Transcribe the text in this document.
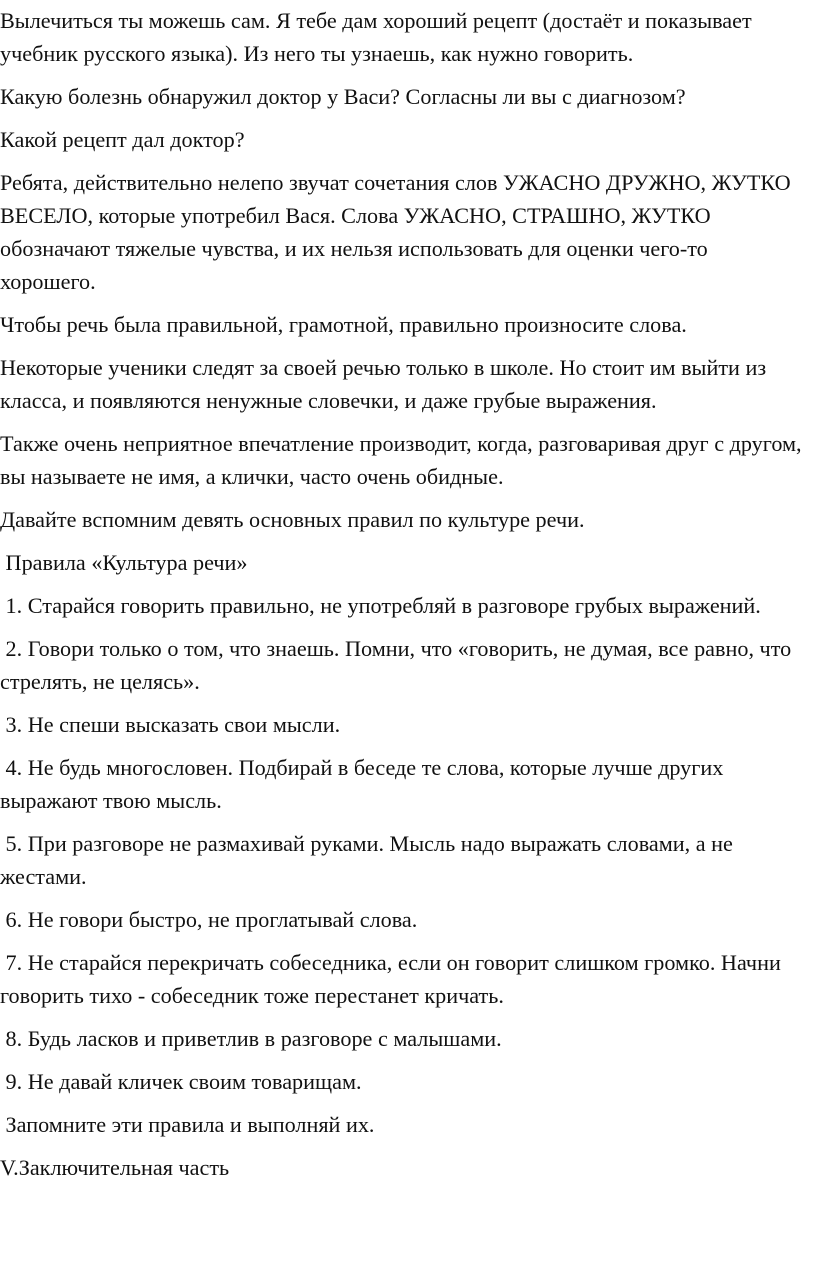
Вылечиться ты можешь сам. Я тебе дам хороший рецепт (достаёт и показывает учебник русского языка). Из него ты узнаешь, как нужно говорить.

Какую болезнь обнаружил доктор у Васи? Согласны ли вы с диагнозом?

Какой рецепт дал доктор?

Ребята, действительно нелепо звучат сочетания слов УЖАСНО ДРУЖНО, ЖУТКО ВЕСЕЛО, которые употребил Вася. Слова УЖАСНО, СТРАШНО, ЖУТКО обозначают тяжелые чувства, и их нельзя использовать для оценки чего-то хорошего.

Чтобы речь была правильной, грамотной, правильно произносите слова.

Некоторые ученики следят за своей речью только в школе. Но стоит им выйти из класса, и появляются ненужные словечки, и даже грубые выражения.

Также очень неприятное впечатление производит, когда, разговаривая друг с другом, вы называете не имя, а клички, часто очень обидные.

Давайте вспомним девять основных правил по культуре речи.

Правила «Культура речи»

1. Старайся говорить правильно, не употребляй в разговоре грубых выражений.

2. Говори только о том, что знаешь. Помни, что «говорить, не думая, все равно, что стрелять, не целясь».

3. Не спеши высказать свои мысли.

4. Не будь многословен. Подбирай в беседе те слова, которые лучше других выражают твою мысль.

5. При разговоре не размахивай руками. Мысль надо выражать словами, а не жестами.

6. Не говори быстро, не проглатывай слова.

7. Не старайся перекричать собеседника, если он говорит слишком громко. Начни говорить тихо - собеседник тоже перестанет кричать.

8. Будь ласков и приветлив в разговоре с малышами.

9. Не давай кличек своим товарищам.

Запомните эти правила и выполняй их.

V.Заключительная часть
